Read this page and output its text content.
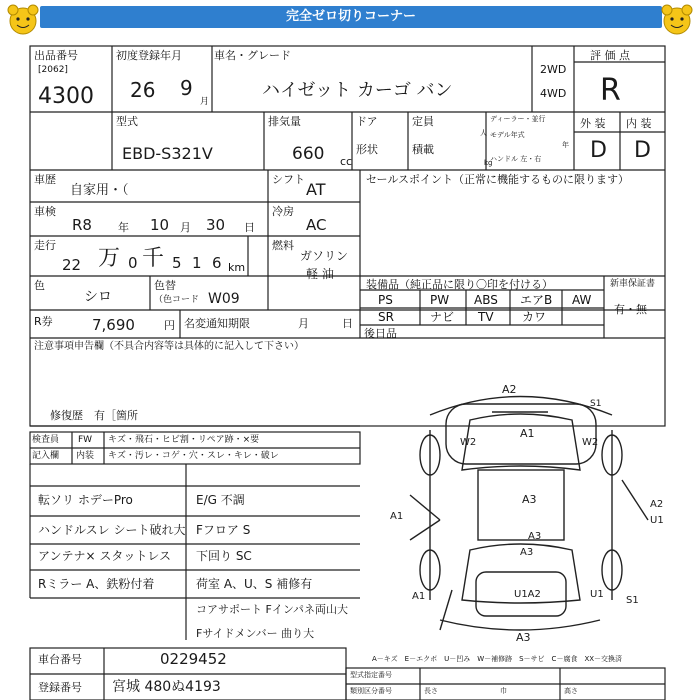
完全ゼロ切りコーナー
出品番号
[2062]
4300
初度登録年月
26 9
月
車名・グレード
ハイゼット カーゴ バン
2WD
4WD
評 価 点
R
型式
EBD-S321V
排気量
660 cc
ドア
形状
定員
積載
人
kg
ディーラー・並行
モデル年式
年
ハンドル 左・右
外 装 内 装
D D
車歴
自家用・（
シフト
AT
車検
R8 年 10 月 30 日
冷房
AC
走行
22 万 0 千 5 1 6 km
燃料
ガソリン
軽 油
色
シロ
色替
（色コード W09
R券	7,690	円 名変通知期限	月	日
セールスポイント（正常に機能するものに限ります）
装備品（純正品に限り〇印を付ける）	新車保証書
有・無
PS	PW ABS エアB AW
SR	ナビ TV カワ
後日品
注意事項申告欄（不具合内容等は具体的に記入して下さい）
修復歴　有［箇所
検査員
記入欄
FW
内装
キズ・飛石・ヒビ割・リペア跡・×要
キズ・汚レ・コゲ・穴・スレ・キレ・破レ
転ソリ ホデーPro
ハンドルスレ シート破れ大
アンテナ× スタットレス
Rミラー A、鉄粉付着
E/G 不調
Fフロア S
下回り SC
荷室 A、U、S 補修有
コアサポート Fインパネ両山大
Fサイドメンバー 曲り大
A2
A1
W2	W2
A3
A1
A2
U1
A3
U1
A1
A3
S1
U1A2
S1
A3
A－キズ　E－エクボ　U－凹み　W－補修跡　S－サビ　C－腐食　XX－交換済
型式指定番号
類別区分番号	長さ	巾	高さ
車台番号	0229452
登録番号 宮城 480ぬ4193
